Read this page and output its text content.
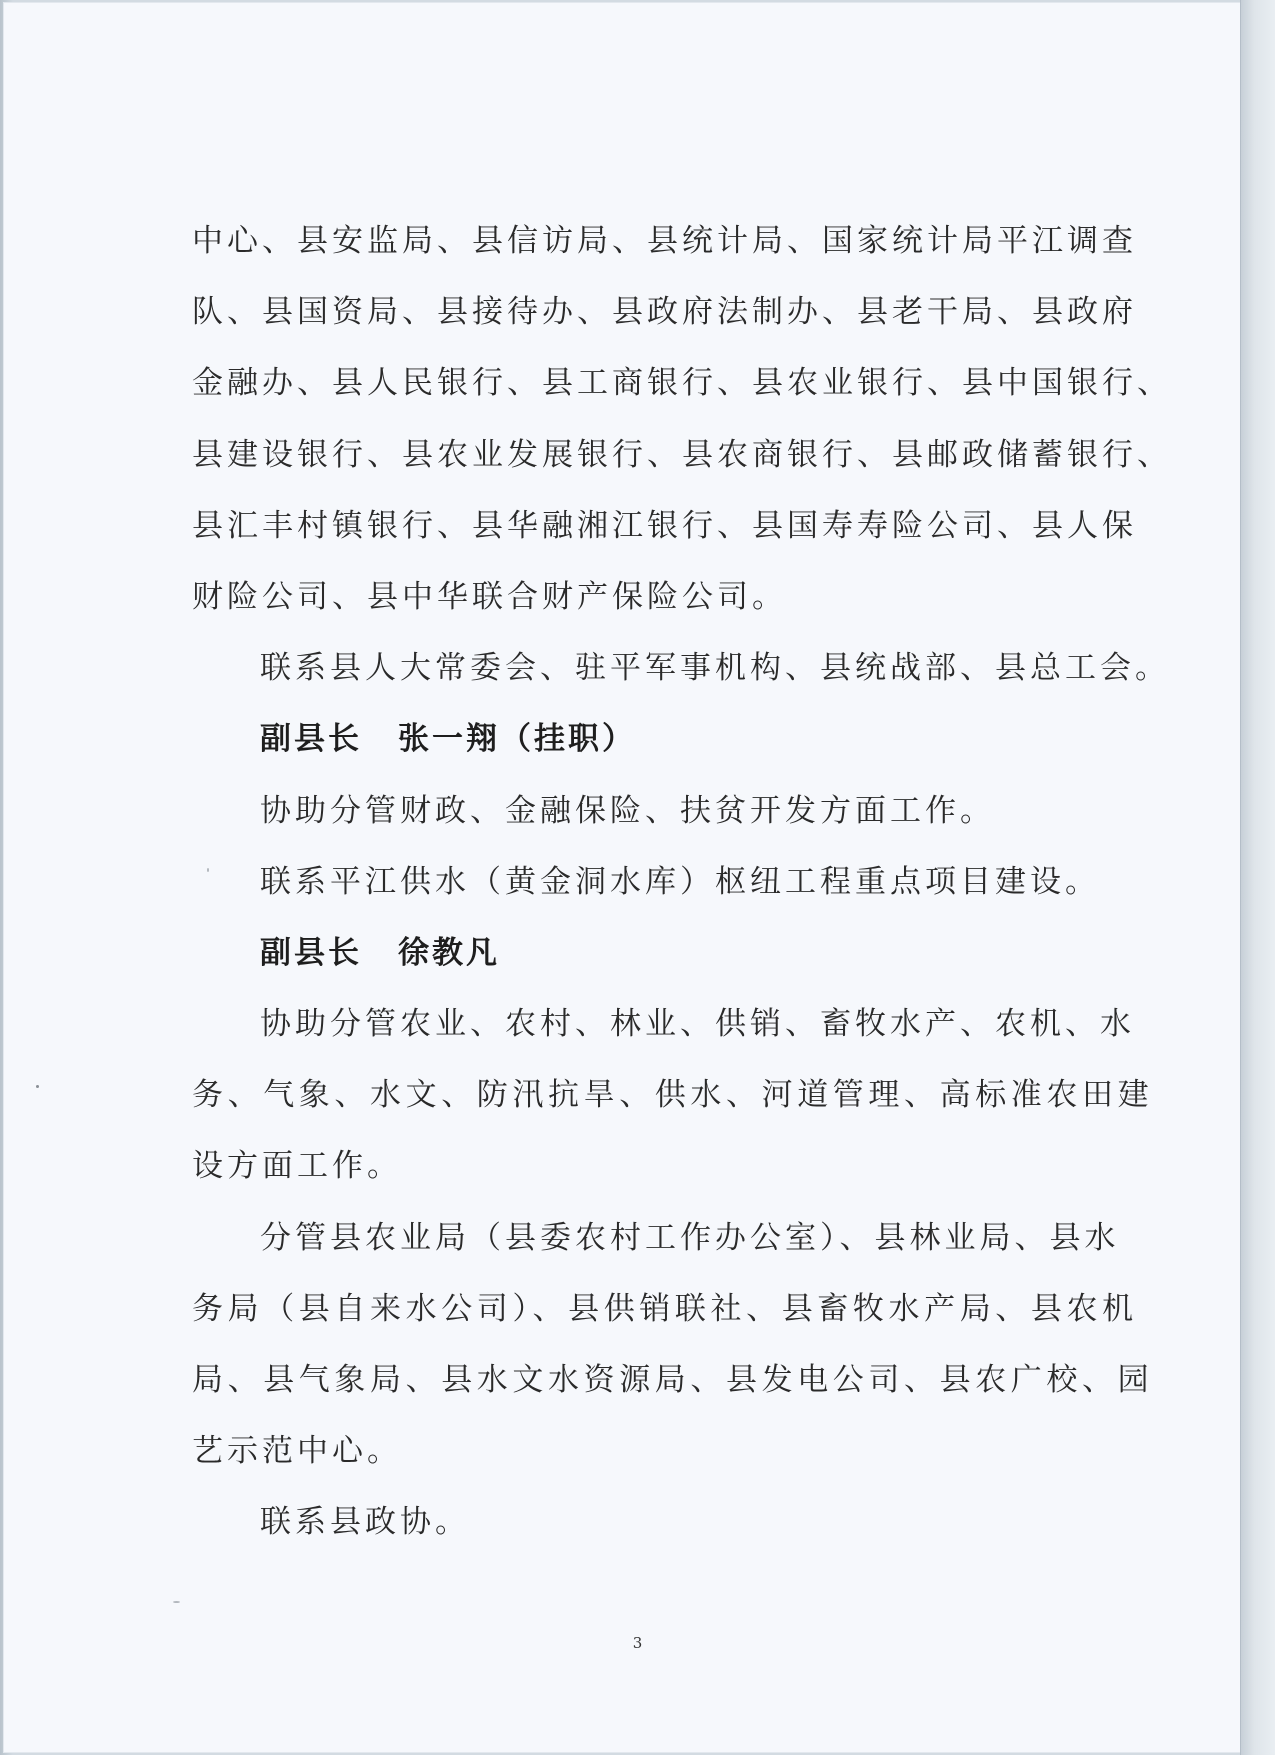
中心、县安监局、县信访局、县统计局、国家统计局平江调查
队、县国资局、县接待办、县政府法制办、县老干局、县政府
金融办、县人民银行、县工商银行、县农业银行、县中国银行、
县建设银行、县农业发展银行、县农商银行、县邮政储蓄银行、
县汇丰村镇银行、县华融湘江银行、县国寿寿险公司、县人保
财险公司、县中华联合财产保险公司。
联系县人大常委会、驻平军事机构、县统战部、县总工会。
副县长 张一翔（挂职）
协助分管财政、金融保险、扶贫开发方面工作。
联系平江供水（黄金洞水库）枢纽工程重点项目建设。
副县长 徐教凡
协助分管农业、农村、林业、供销、畜牧水产、农机、水
务、气象、水文、防汛抗旱、供水、河道管理、高标准农田建
设方面工作。
分管县农业局（县委农村工作办公室）、县林业局、县水
务局（县自来水公司）、县供销联社、县畜牧水产局、县农机
局、县气象局、县水文水资源局、县发电公司、县农广校、园
艺示范中心。
联系县政协。
3
